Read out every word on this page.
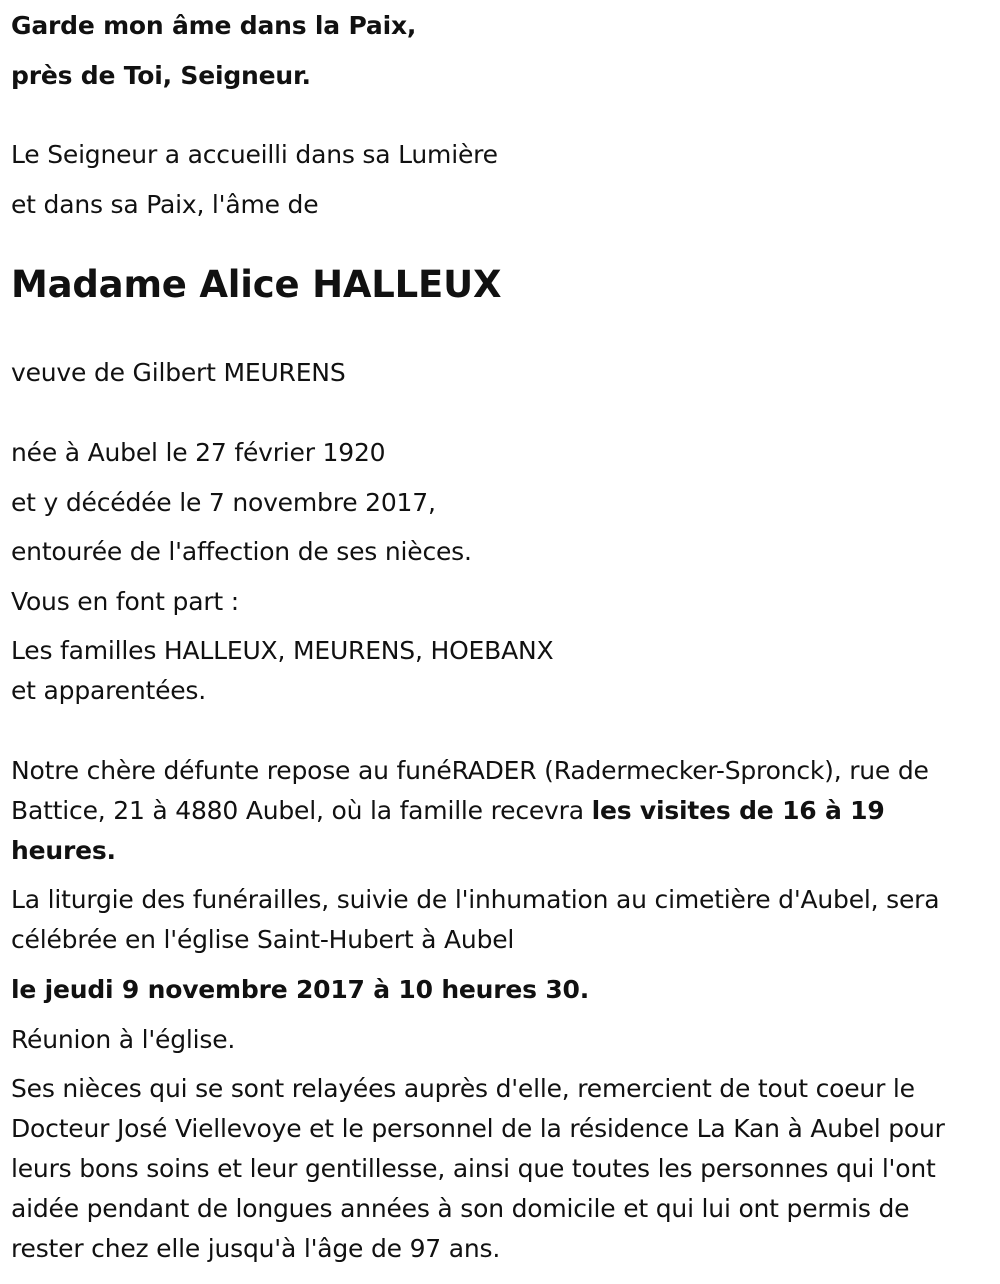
Garde mon âme dans la Paix,
près de Toi, Seigneur.
Le Seigneur a accueilli dans sa Lumière
et dans sa Paix, l'âme de
Madame Alice HALLEUX
veuve de Gilbert MEURENS
née à Aubel le 27 février 1920
et y décédée le 7 novembre 2017,
entourée de l'affection de ses nièces.
Vous en font part :
Les familles HALLEUX, MEURENS, HOEBANX
et apparentées.
Notre chère défunte repose au funéRADER (Radermecker-Spronck), rue de Battice, 21 à 4880 Aubel, où la famille recevra les visites de 16 à 19 heures.
La liturgie des funérailles, suivie de l'inhumation au cimetière d'Aubel, sera célébrée en l'église Saint-Hubert à Aubel
le jeudi 9 novembre 2017 à 10 heures 30.
Réunion à l'église.
Ses nièces qui se sont relayées auprès d'elle, remercient de tout coeur le Docteur José Viellevoye et le personnel de la résidence La Kan à Aubel pour leurs bons soins et leur gentillesse, ainsi que toutes les personnes qui l'ont aidée pendant de longues années à son domicile et qui lui ont permis de rester chez elle jusqu'à l'âge de 97 ans.
